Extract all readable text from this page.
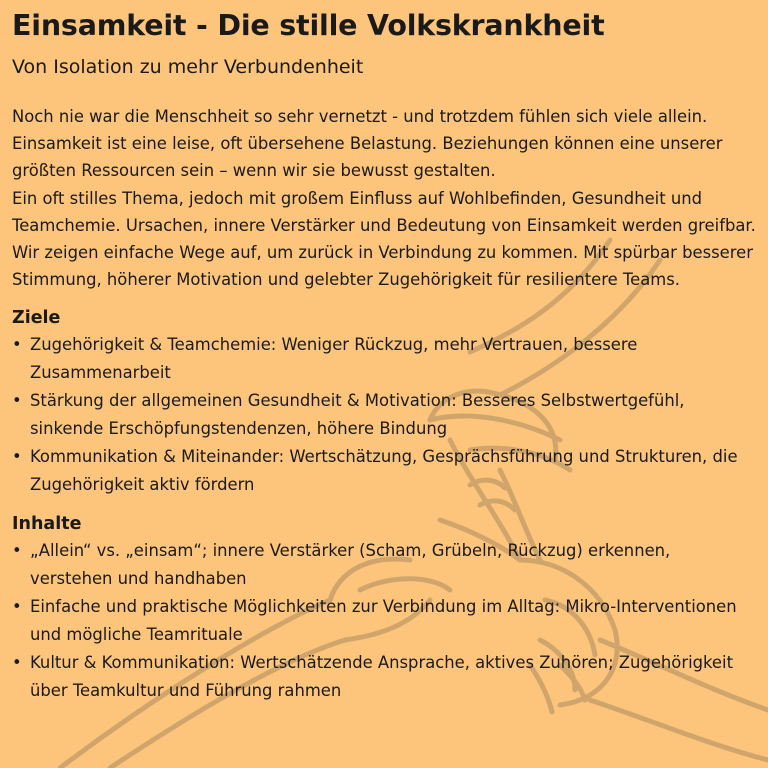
Einsamkeit - Die stille Volkskrankheit
Von Isolation zu mehr Verbundenheit

Noch nie war die Menschheit so sehr vernetzt - und trotzdem fühlen sich viele allein. Einsamkeit ist eine leise, oft übersehene Belastung. Beziehungen können eine unserer größten Ressourcen sein – wenn wir sie bewusst gestalten.

Ein oft stilles Thema, jedoch mit großem Einfluss auf Wohlbefinden, Gesundheit und Teamchemie. Ursachen, innere Verstärker und Bedeutung von Einsamkeit werden greifbar. Wir zeigen einfache Wege auf, um zurück in Verbindung zu kommen. Mit spürbar besserer Stimmung, höherer Motivation und gelebter Zugehörigkeit für resilientere Teams.

Ziele
• Zugehörigkeit & Teamchemie: Weniger Rückzug, mehr Vertrauen, bessere Zusammenarbeit
• Stärkung der allgemeinen Gesundheit & Motivation: Besseres Selbstwertgefühl, sinkende Erschöpfungstendenzen, höhere Bindung
• Kommunikation & Miteinander: Wertschätzung, Gesprächsführung und Strukturen, die Zugehörigkeit aktiv fördern
Inhalte
• „Allein“ vs. „einsam“; innere Verstärker (Scham, Grübeln, Rückzug) erkennen, verstehen und handhaben
• Einfache und praktische Möglichkeiten zur Verbindung im Alltag: Mikro-Interventionen und mögliche Teamrituale
• Kultur & Kommunikation: Wertschätzende Ansprache, aktives Zuhören; Zugehörigkeit über Teamkultur und Führung rahmen
